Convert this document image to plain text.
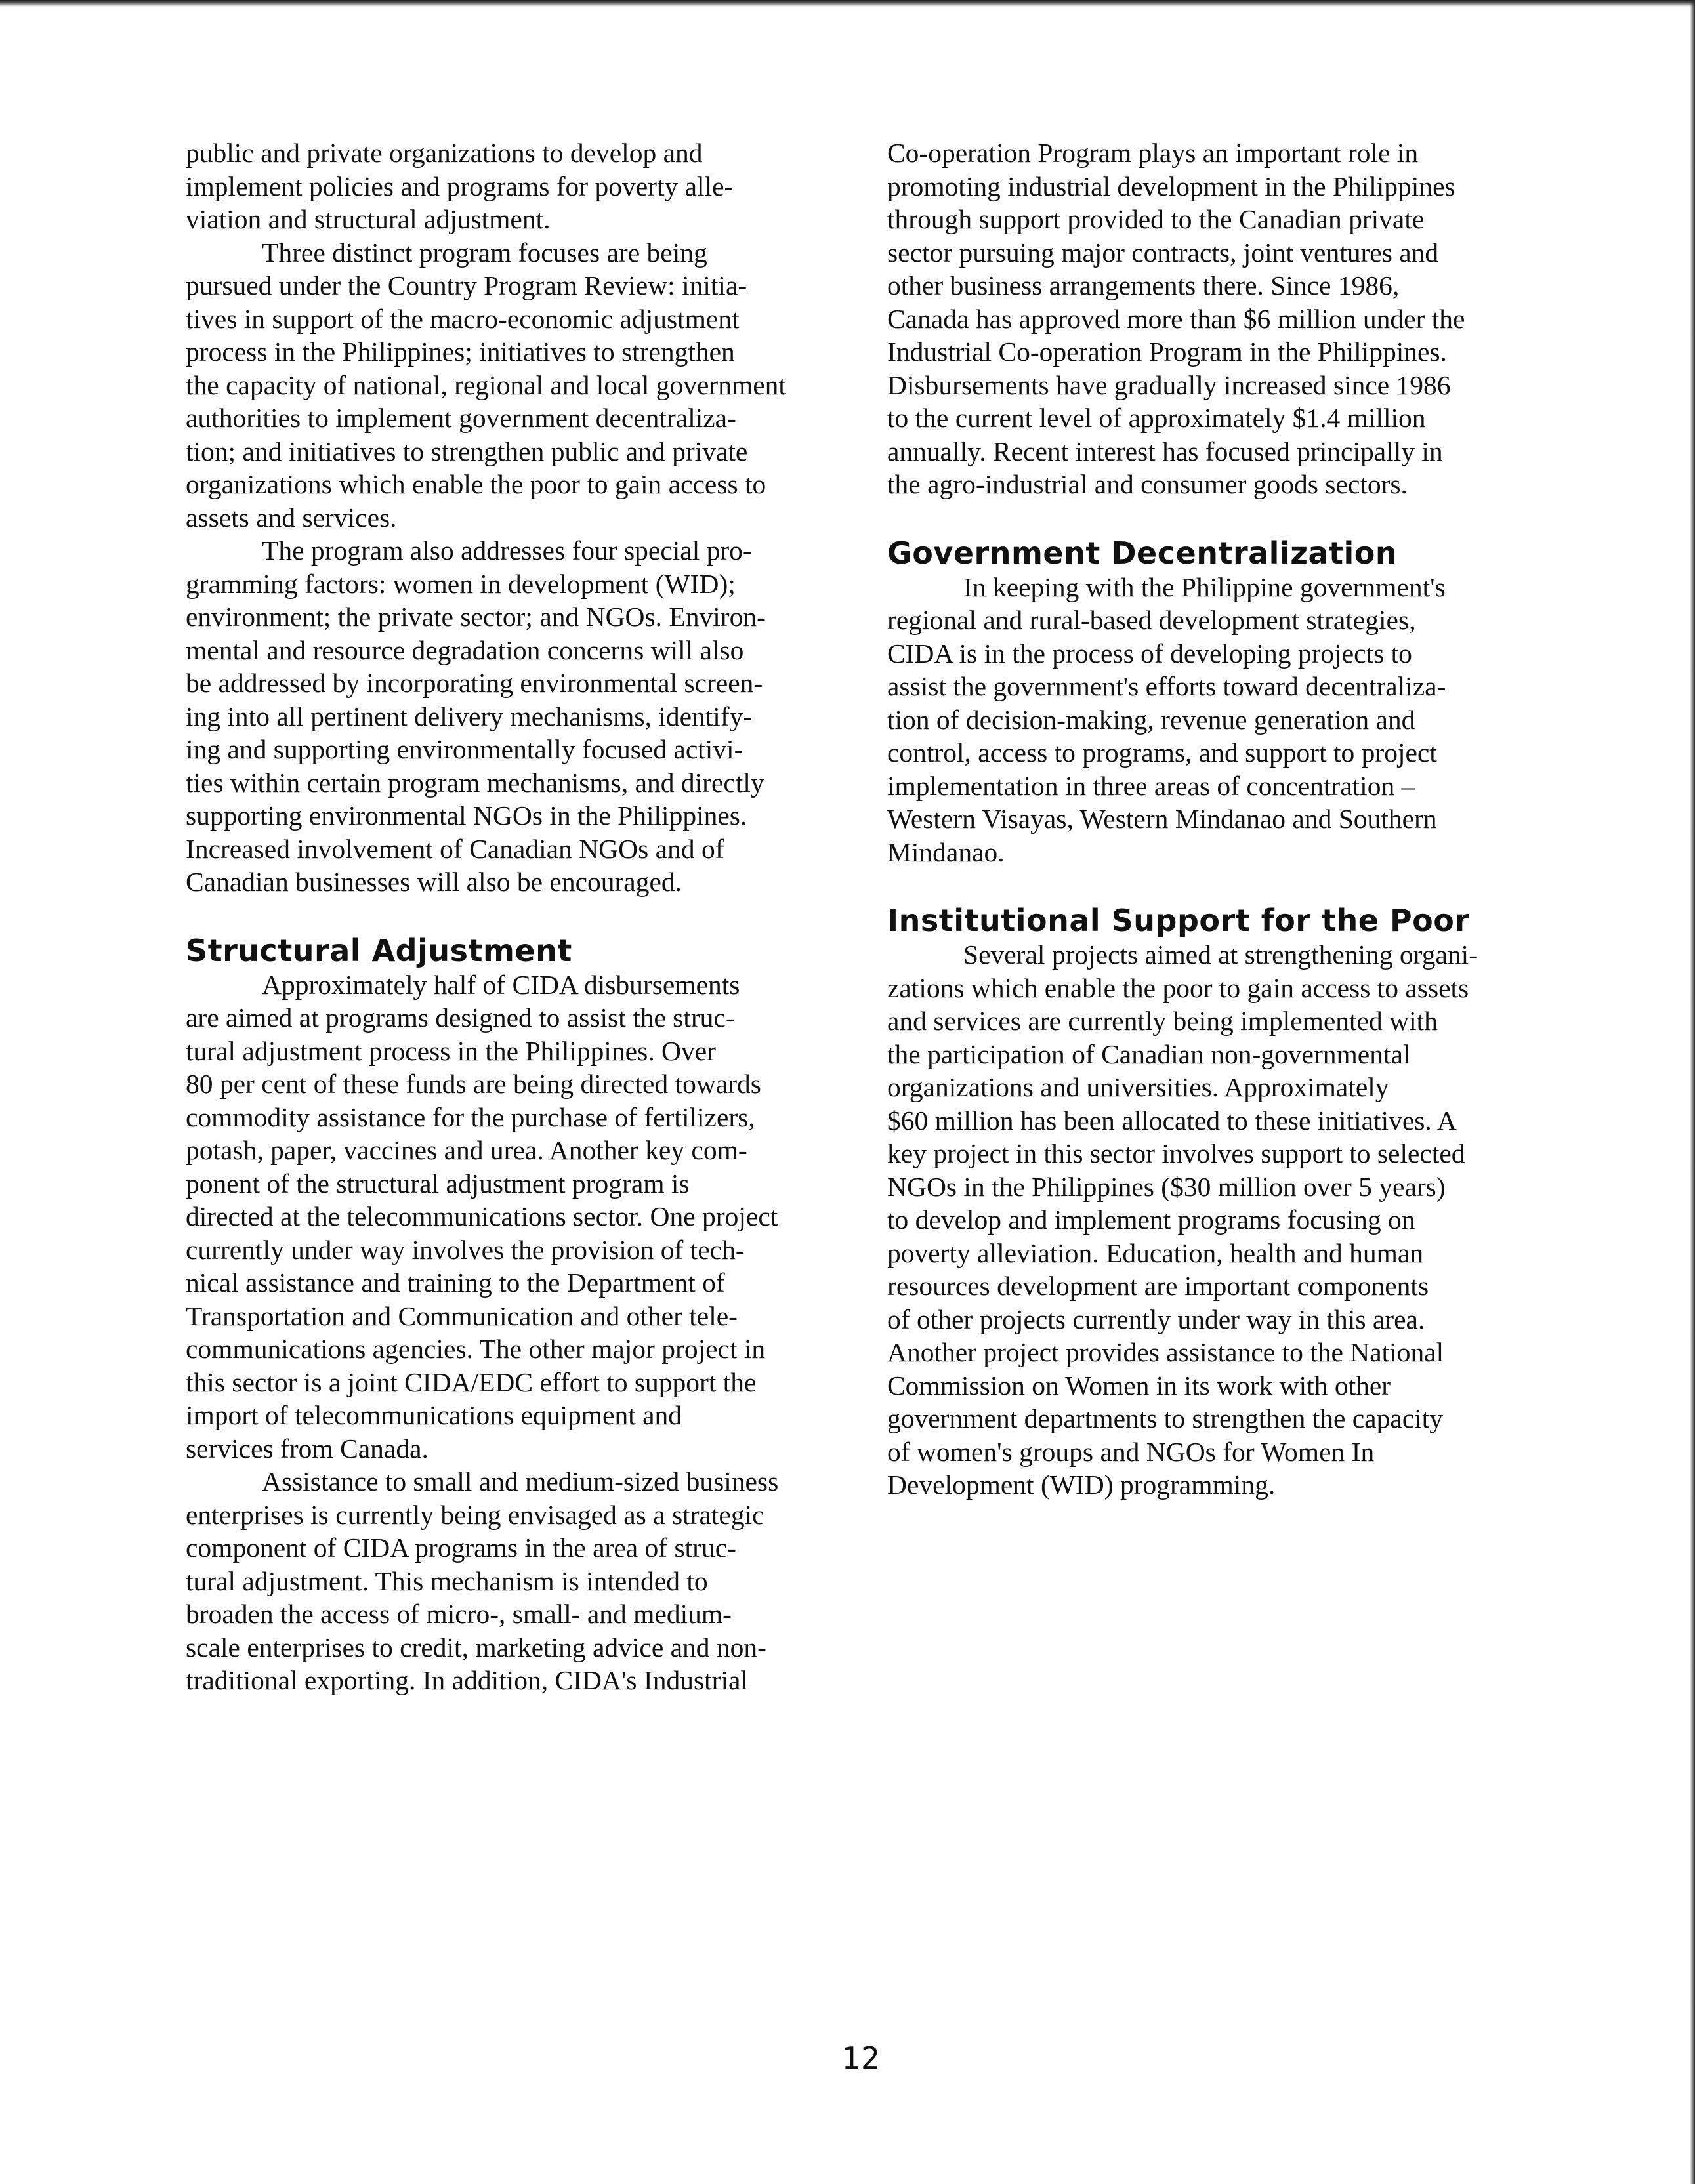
public and private organizations to develop and
implement policies and programs for poverty alle-
viation and structural adjustment.
Three distinct program focuses are being
pursued under the Country Program Review: initia-
tives in support of the macro-economic adjustment
process in the Philippines; initiatives to strengthen
the capacity of national, regional and local government
authorities to implement government decentraliza-
tion; and initiatives to strengthen public and private
organizations which enable the poor to gain access to
assets and services.
The program also addresses four special pro-
gramming factors: women in development (WID);
environment; the private sector; and NGOs. Environ-
mental and resource degradation concerns will also
be addressed by incorporating environmental screen-
ing into all pertinent delivery mechanisms, identify-
ing and supporting environmentally focused activi-
ties within certain program mechanisms, and directly
supporting environmental NGOs in the Philippines.
Increased involvement of Canadian NGOs and of
Canadian businesses will also be encouraged.
Structural Adjustment
Approximately half of CIDA disbursements
are aimed at programs designed to assist the struc-
tural adjustment process in the Philippines. Over
80 per cent of these funds are being directed towards
commodity assistance for the purchase of fertilizers,
potash, paper, vaccines and urea. Another key com-
ponent of the structural adjustment program is
directed at the telecommunications sector. One project
currently under way involves the provision of tech-
nical assistance and training to the Department of
Transportation and Communication and other tele-
communications agencies. The other major project in
this sector is a joint CIDA/EDC effort to support the
import of telecommunications equipment and
services from Canada.
Assistance to small and medium-sized business
enterprises is currently being envisaged as a strategic
component of CIDA programs in the area of struc-
tural adjustment. This mechanism is intended to
broaden the access of micro-, small- and medium-
scale enterprises to credit, marketing advice and non-
traditional exporting. In addition, CIDA's Industrial
Co-operation Program plays an important role in
promoting industrial development in the Philippines
through support provided to the Canadian private
sector pursuing major contracts, joint ventures and
other business arrangements there. Since 1986,
Canada has approved more than $6 million under the
Industrial Co-operation Program in the Philippines.
Disbursements have gradually increased since 1986
to the current level of approximately $1.4 million
annually. Recent interest has focused principally in
the agro-industrial and consumer goods sectors.
Government Decentralization
In keeping with the Philippine government's
regional and rural-based development strategies,
CIDA is in the process of developing projects to
assist the government's efforts toward decentraliza-
tion of decision-making, revenue generation and
control, access to programs, and support to project
implementation in three areas of concentration –
Western Visayas, Western Mindanao and Southern
Mindanao.
Institutional Support for the Poor
Several projects aimed at strengthening organi-
zations which enable the poor to gain access to assets
and services are currently being implemented with
the participation of Canadian non-governmental
organizations and universities. Approximately
$60 million has been allocated to these initiatives. A
key project in this sector involves support to selected
NGOs in the Philippines ($30 million over 5 years)
to develop and implement programs focusing on
poverty alleviation. Education, health and human
resources development are important components
of other projects currently under way in this area.
Another project provides assistance to the National
Commission on Women in its work with other
government departments to strengthen the capacity
of women's groups and NGOs for Women In
Development (WID) programming.
12
